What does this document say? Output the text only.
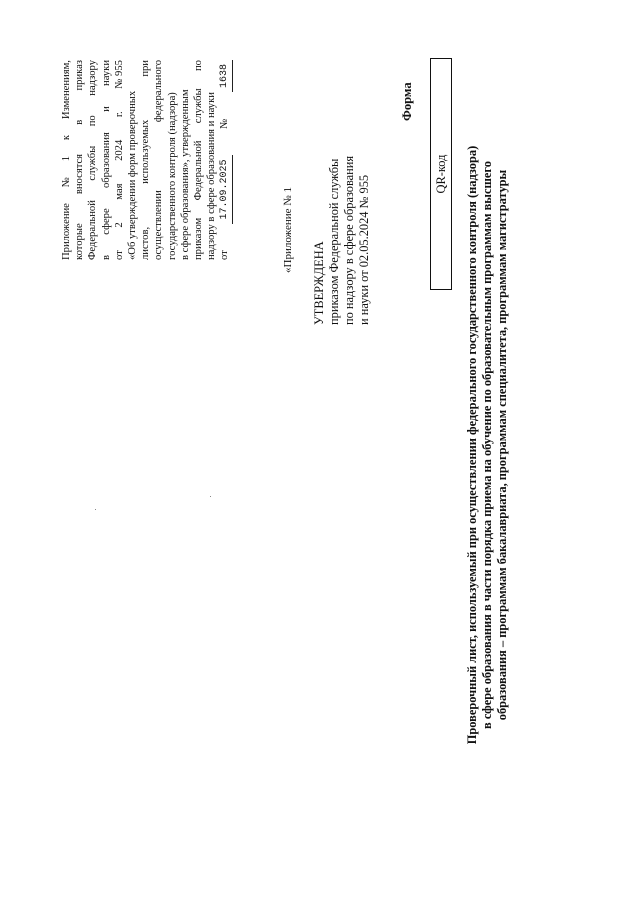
Приложение
№
1
к
Изменениям,
которые
вносятся
в
приказ
Федеральной
службы
по
надзору
в
сфере
образования
и
науки
от
2
мая
2024
г.
№ 955
«Об утверждении форм проверочных листов,
используемых
при
осуществлении
федерального
государственного контроля (надзора) в сфере образования», утвержденным приказом
Федеральной
службы
по
надзору в сфере образования и науки от
17.09.2025
№
1638
«Приложение № 1
УТВЕРЖДЕНА приказом Федеральной службы по надзору в сфере образования и науки от 02.05.2024 № 955
Форма
QR-код Проверочный лист, используемый при осуществлении федерального государственного контроля (надзора) в сфере образования в части порядка приема на обучение по образовательным программам высшего образования – программам бакалавриата, программам специалитета, программам магистратуры
